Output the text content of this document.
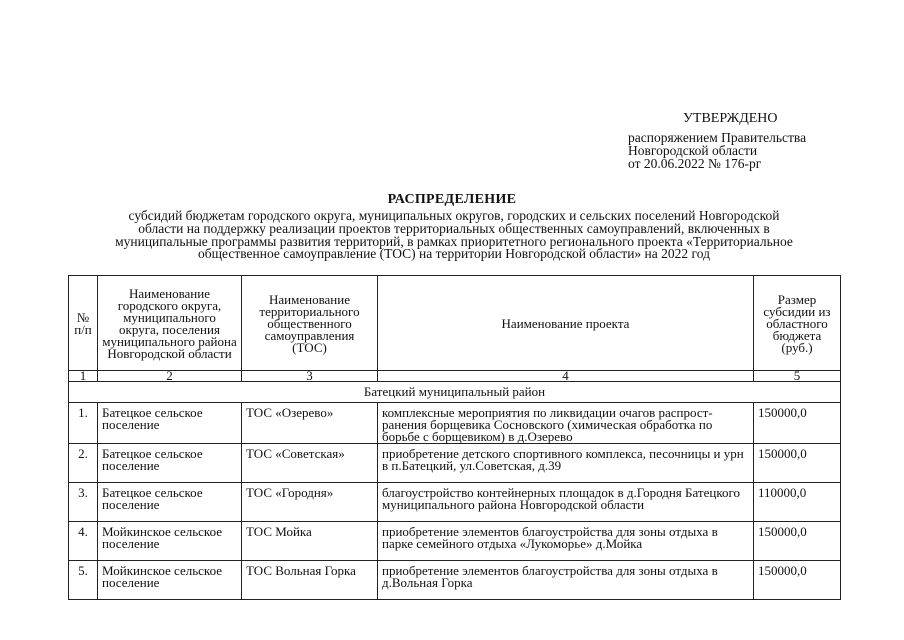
УТВЕРЖДЕНО
распоряжением Правительства
Новгородской области
от 20.06.2022 № 176-рг
РАСПРЕДЕЛЕНИЕ
субсидий бюджетам городского округа, муниципальных округов, городских и сельских поселений Новгородской
области на поддержку реализации проектов территориальных общественных самоуправлений, включенных в
муниципальные программы развития территорий, в рамках приоритетного регионального проекта «Территориальное
общественное самоуправление (ТОС) на территории Новгородской области» на 2022 год
№ п/п	Наименование городского округа, муниципального округа, поселения муниципального района Новгородской области	Наименование территориального общественного самоуправления (ТОС)	Наименование проекта	Размер субсидии из областного бюджета (руб.)
1	2	3	4	5
Батецкий муниципальный район				
1.	Батецкое сельское поселение	ТОС «Озерево»	комплексные мероприятия по ликвидации очагов распрост-ранения борщевика Сосновского (химическая обработка по борьбе с борщевиком) в д.Озерево	150000,0
2.	Батецкое сельское поселение	ТОС «Советская»	приобретение детского спортивного комплекса, песочницы и урн в п.Батецкий, ул.Советская, д.39	150000,0
3.	Батецкое сельское поселение	ТОС «Городня»	благоустройство контейнерных площадок в д.Городня Батецкого муниципального района Новгородской области	110000,0
4.	Мойкинское сельское поселение	ТОС Мойка	приобретение элементов благоустройства для зоны отдыха в парке семейного отдыха «Лукоморье» д.Мойка	150000,0
5.	Мойкинское сельское поселение	ТОС Вольная Горка	приобретение элементов благоустройства для зоны отдыха в д.Вольная Горка	150000,0
